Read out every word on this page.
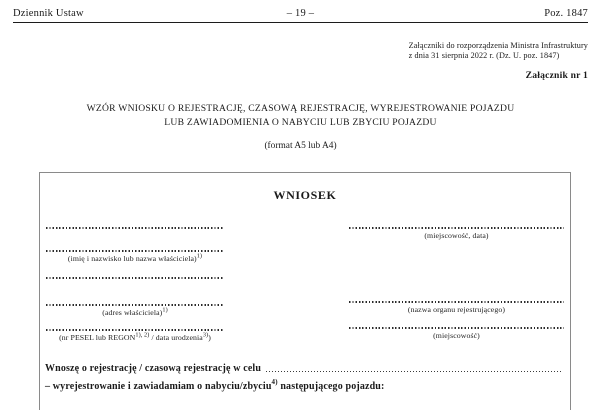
Dziennik Ustaw	– 19 –	Poz. 1847
Załączniki do rozporządzenia Ministra Infrastruktury
z dnia 31 sierpnia 2022 r. (Dz. U. poz. 1847)
Załącznik nr 1
WZÓR WNIOSKU O REJESTRACJĘ, CZASOWĄ REJESTRACJĘ, WYREJESTROWANIE POJAZDU
LUB ZAWIADOMIENIA O NABYCIU LUB ZBYCIU POJAZDU
(format A5 lub A4)
WNIOSEK
(imię i nazwisko lub nazwa właściciela)$^{1)}$
(adres właściciela)$^{1)}$
(nr PESEL lub $REGON^{1), 2)}$ / data urodzenia$^{3)}$)
(miejscowość, data)
(nazwa organu rejestrującego)
(miejscowość)
Wnoszę o rejestrację / czasową rejestrację w celu
– wyrejestrowanie i zawiadamiam o nabyciu/zbyciu$^{4)}$ następującego pojazdu:
